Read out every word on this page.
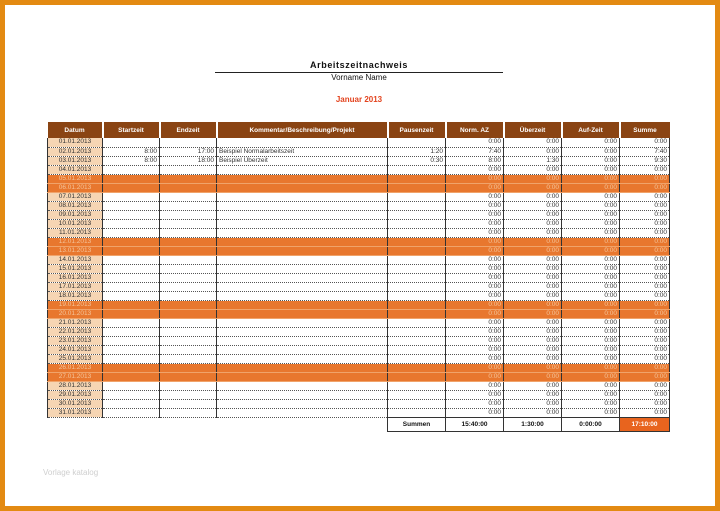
Arbeitszeitnachweis
Vorname Name
Januar 2013
Datum	Startzeit	Endzeit	Kommentar/Beschreibung/Projekt	Pausenzeit	Norm. AZ	Überzeit	Auf-Zeit	Summe
01.01.2013					0:00	0:00	0:00	0:00
02.01.2013	8:00	17:00	Beispiel Normalarbeitszeit	1:20	7:40	0:00	0:00	7:40
03.01.2013	8:00	18:00	Beispiel Überzeit	0:30	8:00	1:30	0:00	9:30
04.01.2013					0:00	0:00	0:00	0:00
05.01.2013					0:00	0:00	0:00	0:00
06.01.2013					0:00	0:00	0:00	0:00
07.01.2013					0:00	0:00	0:00	0:00
08.01.2013					0:00	0:00	0:00	0:00
09.01.2013					0:00	0:00	0:00	0:00
10.01.2013					0:00	0:00	0:00	0:00
11.01.2013					0:00	0:00	0:00	0:00
12.01.2013					0:00	0:00	0:00	0:00
13.01.2013					0:00	0:00	0:00	0:00
14.01.2013					0:00	0:00	0:00	0:00
15.01.2013					0:00	0:00	0:00	0:00
16.01.2013					0:00	0:00	0:00	0:00
17.01.2013					0:00	0:00	0:00	0:00
18.01.2013					0:00	0:00	0:00	0:00
19.01.2013					0:00	0:00	0:00	0:00
20.01.2013					0:00	0:00	0:00	0:00
21.01.2013					0:00	0:00	0:00	0:00
22.01.2013					0:00	0:00	0:00	0:00
23.01.2013					0:00	0:00	0:00	0:00
24.01.2013					0:00	0:00	0:00	0:00
25.01.2013					0:00	0:00	0:00	0:00
26.01.2013					0:00	0:00	0:00	0:00
27.01.2013					0:00	0:00	0:00	0:00
28.01.2013					0:00	0:00	0:00	0:00
29.01.2013					0:00	0:00	0:00	0:00
30.01.2013					0:00	0:00	0:00	0:00
31.01.2013					0:00	0:00	0:00	0:00
				Summen	15:40:00	1:30:00	0:00:00	17:10:00
Vorlage katalog
